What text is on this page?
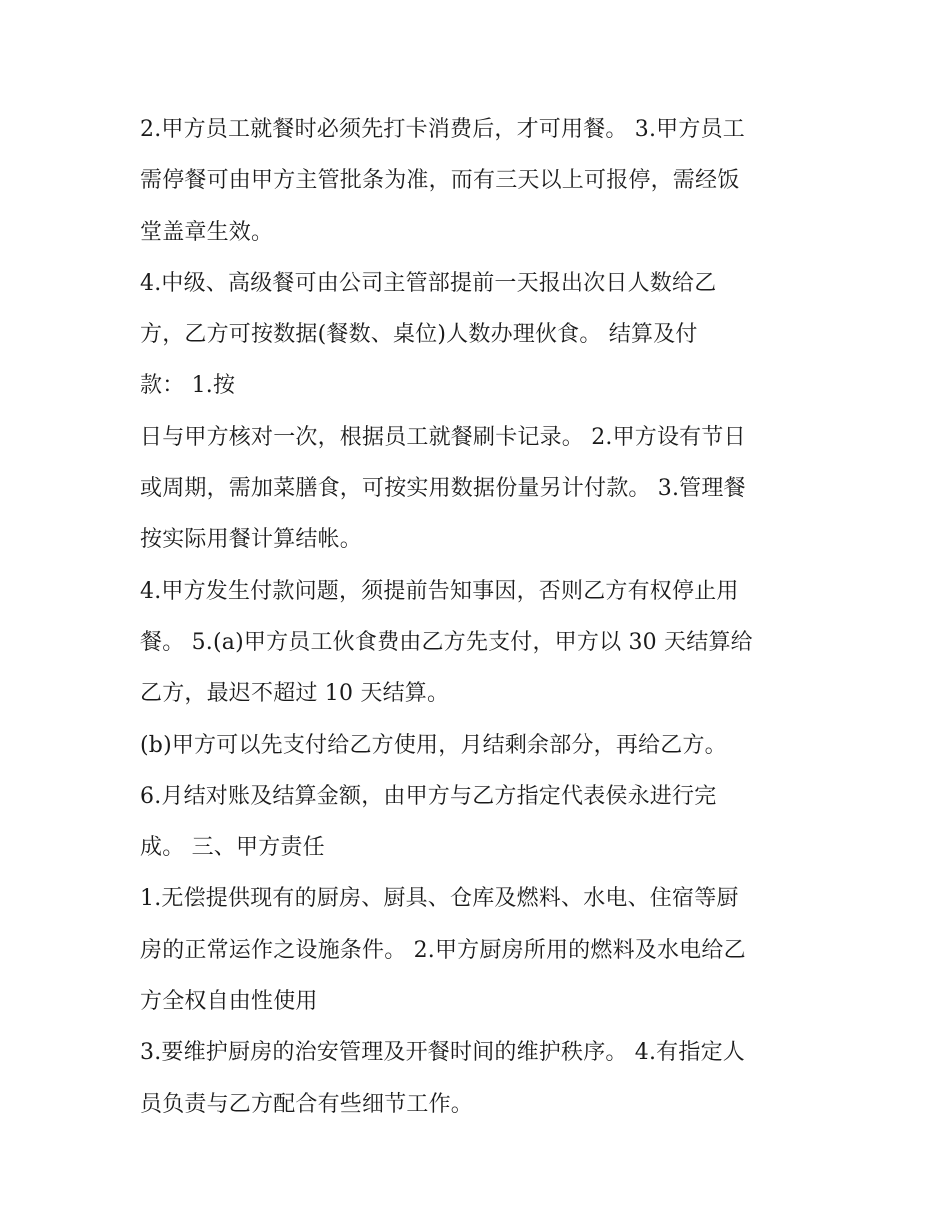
2.甲方员工就餐时必须先打卡消费后，才可用餐。 3.甲方员工
需停餐可由甲方主管批条为准，而有三天以上可报停，需经饭
堂盖章生效。
4.中级、高级餐可由公司主管部提前一天报出次日人数给乙
方，乙方可按数据(餐数、桌位)人数办理伙食。 结算及付
款： 1.按
日与甲方核对一次，根据员工就餐刷卡记录。 2.甲方设有节日
或周期，需加菜膳食，可按实用数据份量另计付款。 3.管理餐
按实际用餐计算结帐。
4.甲方发生付款问题，须提前告知事因，否则乙方有权停止用
餐。 5.(a)甲方员工伙食费由乙方先支付，甲方以 30 天结算给
乙方，最迟不超过 10 天结算。
(b)甲方可以先支付给乙方使用，月结剩余部分，再给乙方。
6.月结对账及结算金额，由甲方与乙方指定代表侯永进行完
成。 三、甲方责任
1.无偿提供现有的厨房、厨具、仓库及燃料、水电、住宿等厨
房的正常运作之设施条件。 2.甲方厨房所用的燃料及水电给乙
方全权自由性使用
3.要维护厨房的治安管理及开餐时间的维护秩序。 4.有指定人
员负责与乙方配合有些细节工作。
